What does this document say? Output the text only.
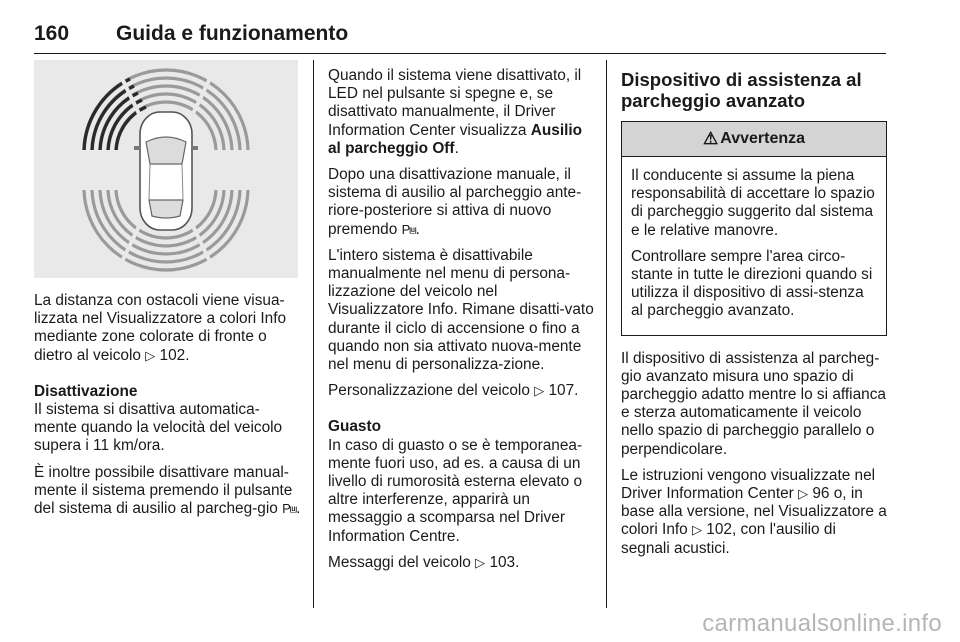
160 Guida e funzionamento

La distanza con ostacoli viene visua-lizzata nel Visualizzatore a colori Info mediante zone colorate di fronte o dietro al veicolo ▷ 102.

Disattivazione

Il sistema si disattiva automatica-mente quando la velocità del veicolo supera i 11 km/ora.

È inoltre possibile disattivare manual-mente il sistema premendo il pulsante del sistema di ausilio al parcheg-gio P⩏.

Quando il sistema viene disattivato, il LED nel pulsante si spegne e, se disattivato manualmente, il Driver Information Center visualizza Ausilio al parcheggio Off.

Dopo una disattivazione manuale, il sistema di ausilio al parcheggio ante-riore-posteriore si attiva di nuovo premendo P⩏.

L'intero sistema è disattivabile manualmente nel menu di persona-lizzazione del veicolo nel Visualizzatore Info. Rimane disatti-vato durante il ciclo di accensione o fino a quando non sia attivato nuova-mente nel menu di personalizza-zione.

Personalizzazione del veicolo ▷ 107.

Guasto

In caso di guasto o se è temporanea-mente fuori uso, ad es. a causa di un livello di rumorosità esterna elevato o altre interferenze, apparirà un messaggio a scomparsa nel Driver Information Centre.

Messaggi del veicolo ▷ 103.

Dispositivo di assistenza al parcheggio avanzato
⚠ Avvertenza

Il conducente si assume la piena responsabilità di accettare lo spazio di parcheggio suggerito dal sistema e le relative manovre.

Controllare sempre l'area circo-stante in tutte le direzioni quando si utilizza il dispositivo di assi-stenza al parcheggio avanzato.

Il dispositivo di assistenza al parcheg-gio avanzato misura uno spazio di parcheggio adatto mentre lo si affianca e sterza automaticamente il veicolo nello spazio di parcheggio parallelo o perpendicolare.

Le istruzioni vengono visualizzate nel Driver Information Center ▷ 96 o, in base alla versione, nel Visualizzatore a colori Info ▷ 102, con l'ausilio di segnali acustici.

carmanualsonline.info
